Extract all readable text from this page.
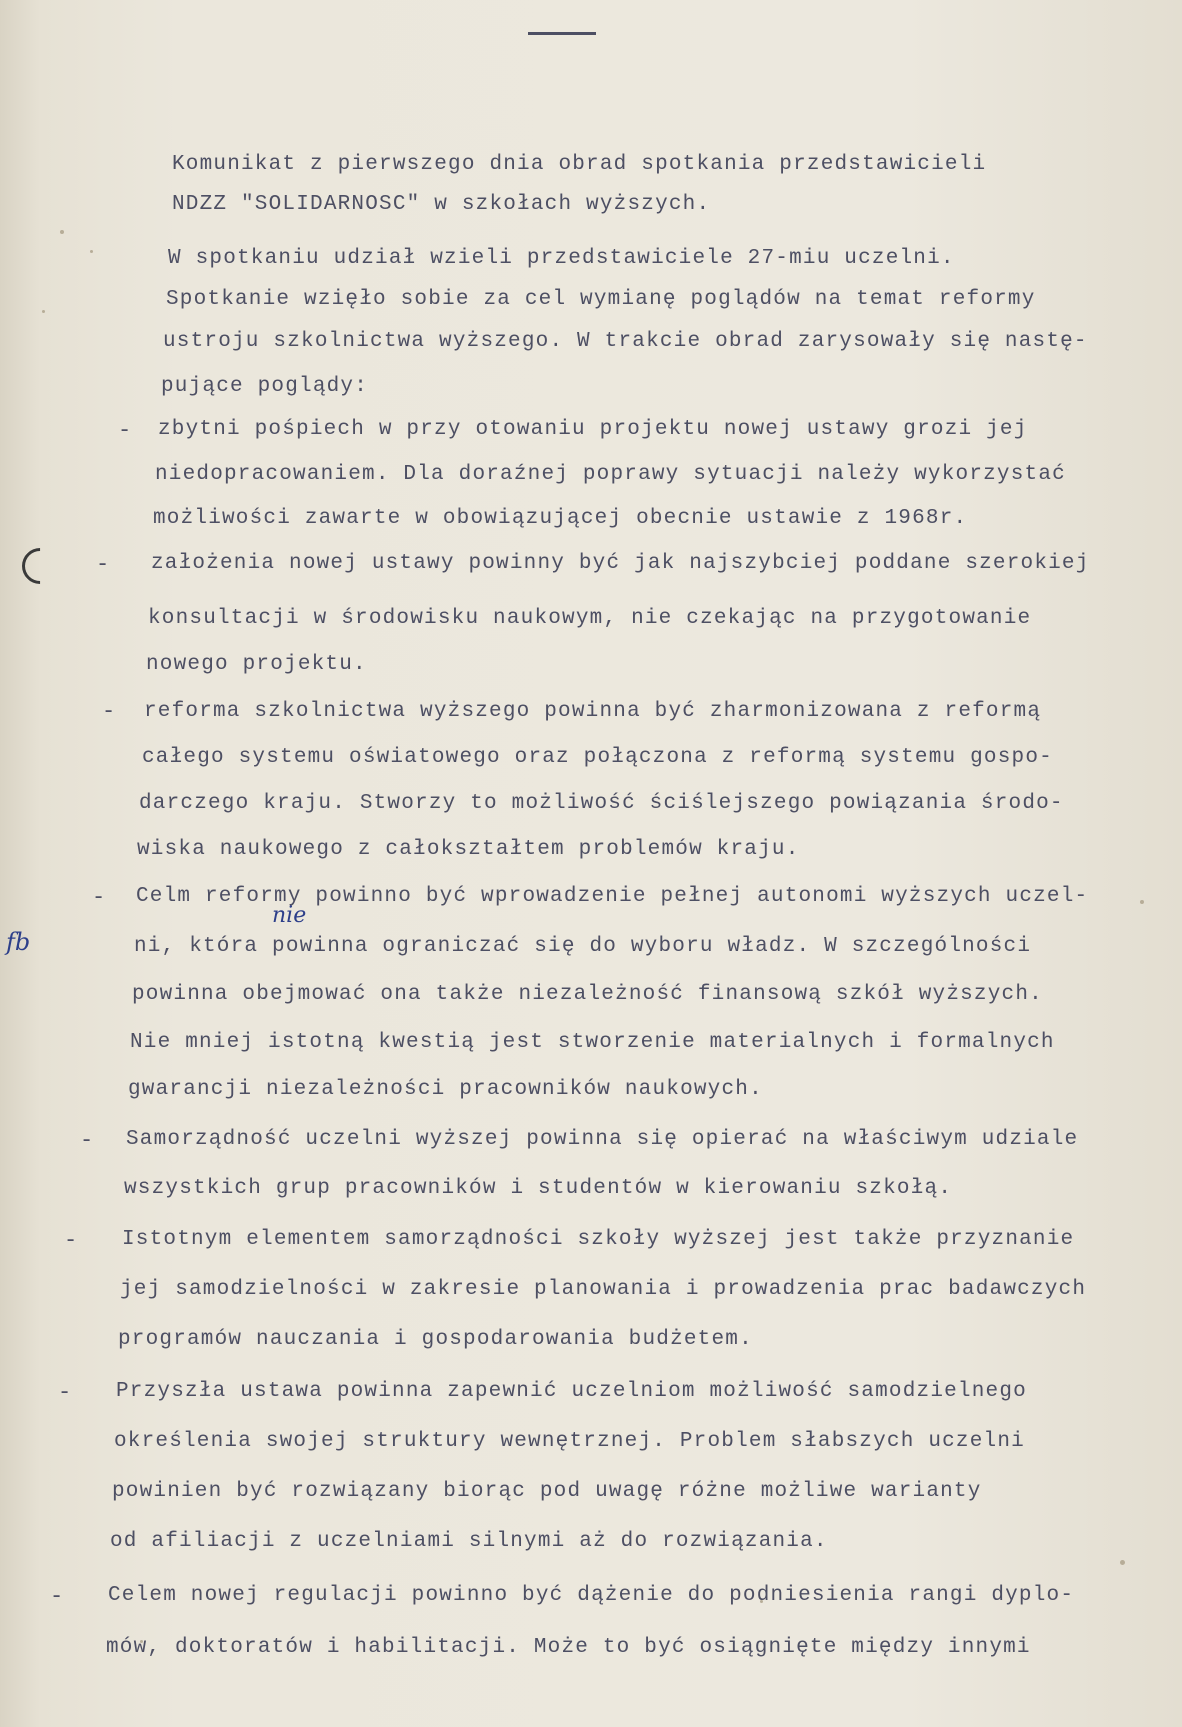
Komunikat z pierwszego dnia obrad spotkania przedstawicieli
NDZZ "SOLIDARNOSC" w szkołach wyższych.
W spotkaniu udział wzieli przedstawiciele 27-miu uczelni.
Spotkanie wzięło sobie za cel wymianę poglądów na temat reformy
ustroju szkolnictwa wyższego. W trakcie obrad zarysowały się nastę-
pujące poglądy:
- zbytni pośpiech w przy otowaniu projektu nowej ustawy grozi jej
niedopracowaniem. Dla doraźnej poprawy sytuacji należy wykorzystać
możliwości zawarte w obowiązującej obecnie ustawie z 1968r.
- założenia nowej ustawy powinny być jak najszybciej poddane szerokiej
konsultacji w środowisku naukowym, nie czekając na przygotowanie
nowego projektu.
- reforma szkolnictwa wyższego powinna być zharmonizowana z reformą
całego systemu oświatowego oraz połączona z reformą systemu gospo-
darczego kraju. Stworzy to możliwość ściślejszego powiązania środo-
wiska naukowego z całokształtem problemów kraju.
- Celm reformy powinno być wprowadzenie pełnej autonomi wyższych uczel-
nie
fb	ni, która powinna ograniczać się do wyboru władz. W szczególności
powinna obejmować ona także niezależność finansową szkół wyższych.
Nie mniej istotną kwestią jest stworzenie materialnych i formalnych
gwarancji niezależności pracowników naukowych.
- Samorządność uczelni wyższej powinna się opierać na właściwym udziale
wszystkich grup pracowników i studentów w kierowaniu szkołą.
- Istotnym elementem samorządności szkoły wyższej jest także przyznanie
jej samodzielności w zakresie planowania i prowadzenia prac badawczych
programów nauczania i gospodarowania budżetem.
- Przyszła ustawa powinna zapewnić uczelniom możliwość samodzielnego
określenia swojej struktury wewnętrznej. Problem słabszych uczelni
powinien być rozwiązany biorąc pod uwagę różne możliwe warianty
od afiliacji z uczelniami silnymi aż do rozwiązania.
- Celem nowej regulacji powinno być dążenie do podniesienia rangi dyplo-
mów, doktoratów i habilitacji. Może to być osiągnięte między innymi
